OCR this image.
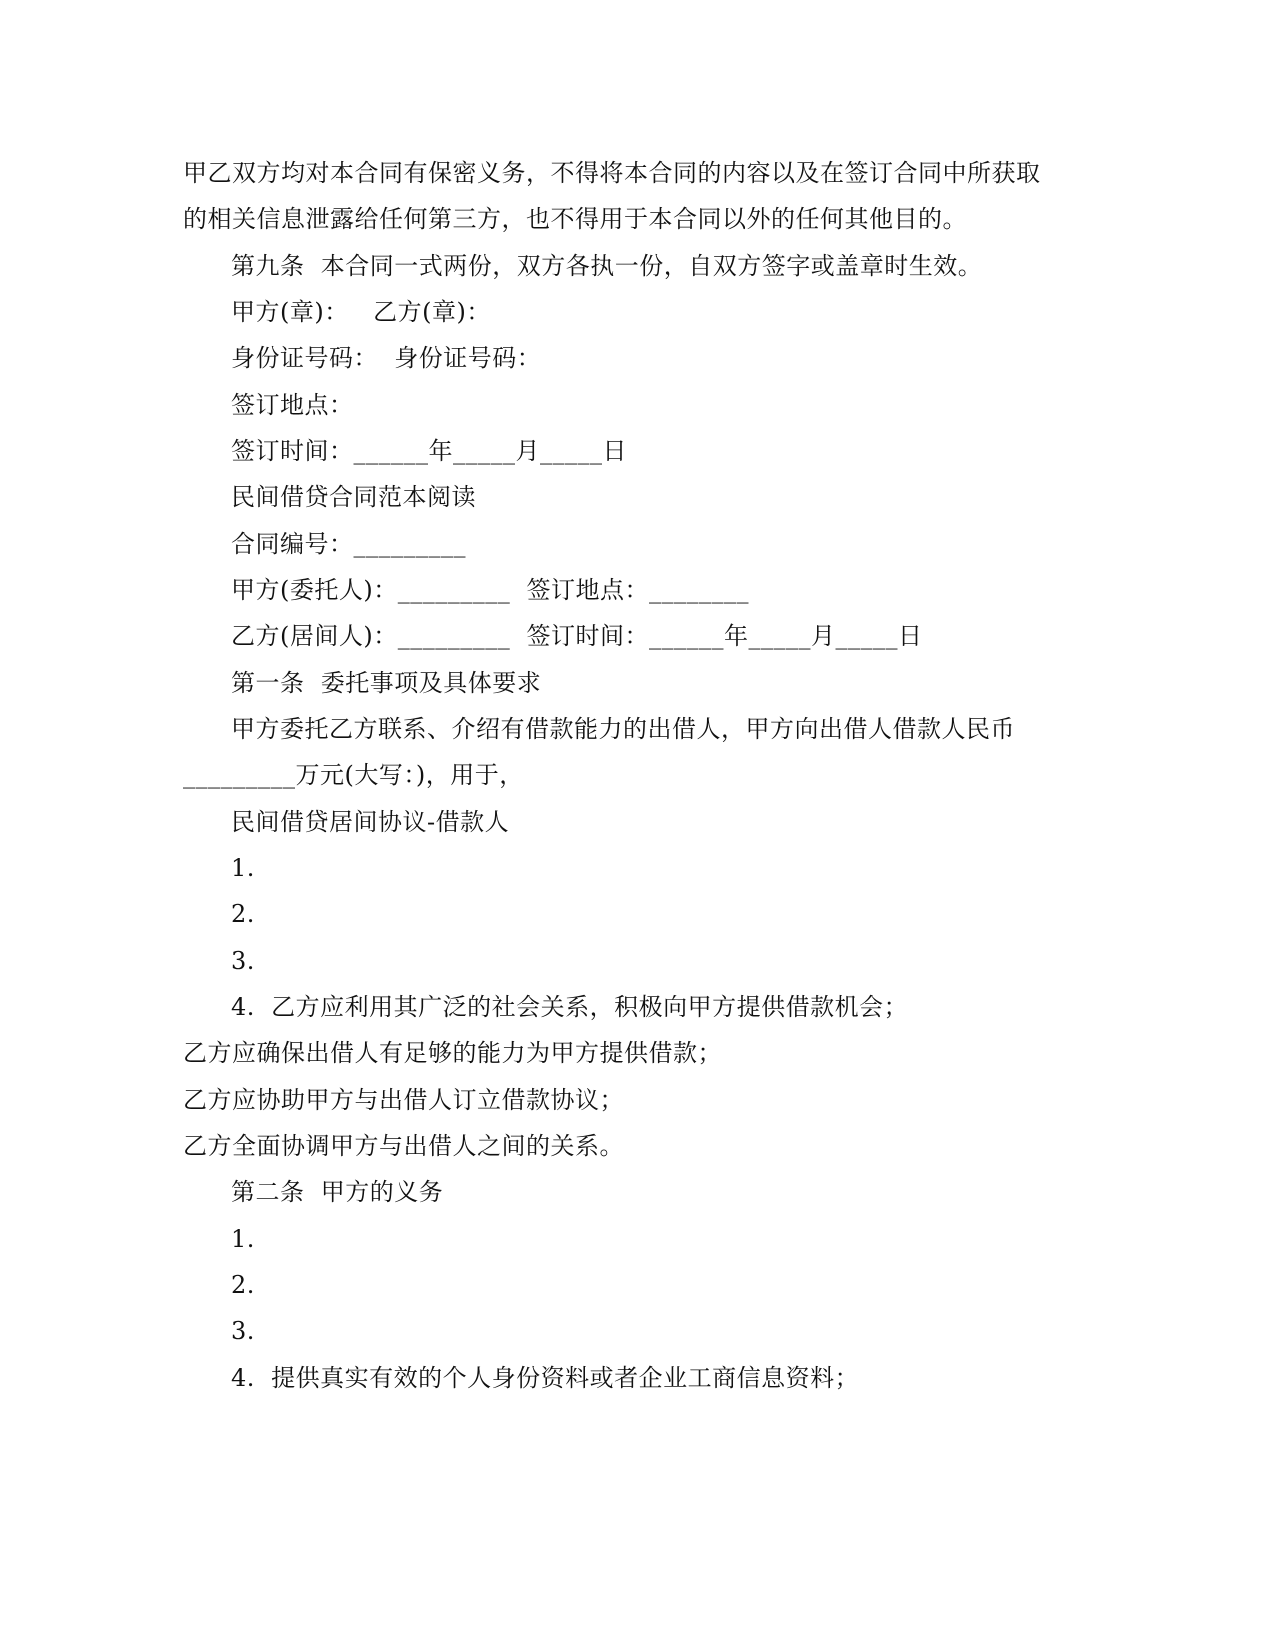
甲乙双方均对本合同有保密义务，不得将本合同的内容以及在签订合同中所获取
的相关信息泄露给任何第三方，也不得用于本合同以外的任何其他目的。
第九条  本合同一式两份，双方各执一份，自双方签字或盖章时生效。
甲方(章)：   乙方(章)：
身份证号码：  身份证号码：
签订地点：
签订时间：______年_____月_____日
民间借贷合同范本阅读
合同编号：_________
甲方(委托人)：_________  签订地点：________
乙方(居间人)：_________  签订时间：______年_____月_____日
第一条  委托事项及具体要求
甲方委托乙方联系、介绍有借款能力的出借人，甲方向出借人借款人民币
_________万元(大写：)，用于，
民间借贷居间协议-借款人
1.
2.
3.
4.  乙方应利用其广泛的社会关系，积极向甲方提供借款机会；
乙方应确保出借人有足够的能力为甲方提供借款；
乙方应协助甲方与出借人订立借款协议；
乙方全面协调甲方与出借人之间的关系。
第二条  甲方的义务
1.
2.
3.
4.  提供真实有效的个人身份资料或者企业工商信息资料；
